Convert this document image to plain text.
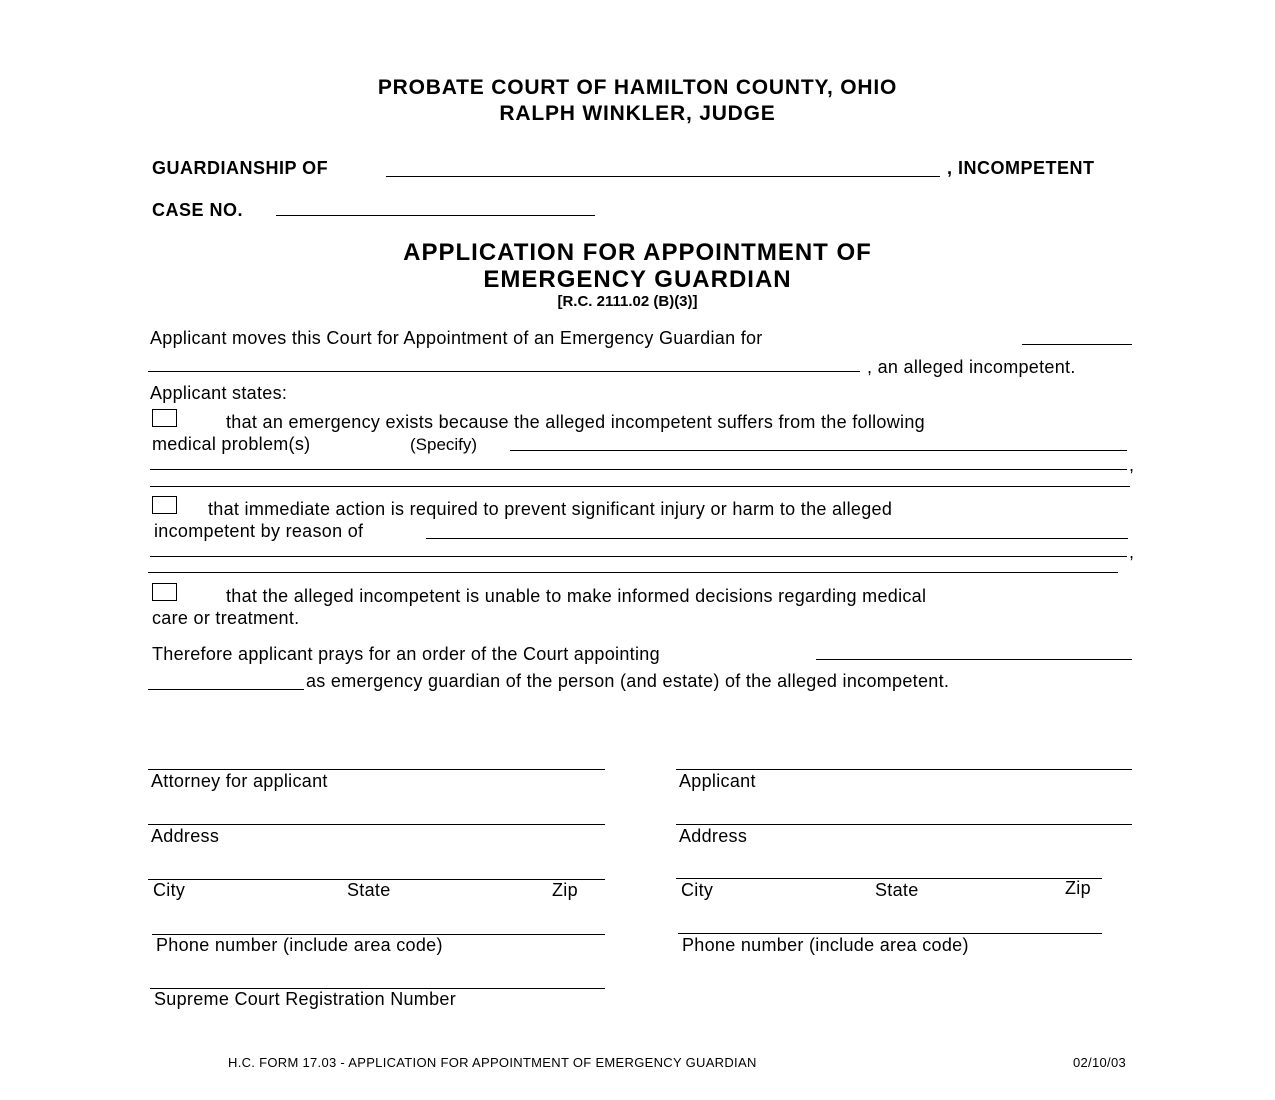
PROBATE COURT OF HAMILTON COUNTY, OHIO
RALPH WINKLER, JUDGE
GUARDIANSHIP OF	, INCOMPETENT
CASE NO.
APPLICATION FOR APPOINTMENT OF
EMERGENCY GUARDIAN
[R.C. 2111.02 (B)(3)]
Applicant moves this Court for Appointment of an Emergency Guardian for
, an alleged incompetent.
Applicant states:
that an emergency exists because the alleged incompetent suffers from the following
medical problem(s)	(Specify)
,
that immediate action is required to prevent significant injury or harm to the alleged
incompetent by reason of
,
that the alleged incompetent is unable to make informed decisions regarding medical
care or treatment.
Therefore applicant prays for an order of the Court appointing
as emergency guardian of the person (and estate) of the alleged incompetent.
Attorney for applicant
Address
City	State	Zip
Phone number (include area code)
Supreme Court Registration Number
Applicant
Address
City	State	Zip
Phone number (include area code)
H.C. FORM 17.03 - APPLICATION FOR APPOINTMENT OF EMERGENCY GUARDIAN	02/10/03
